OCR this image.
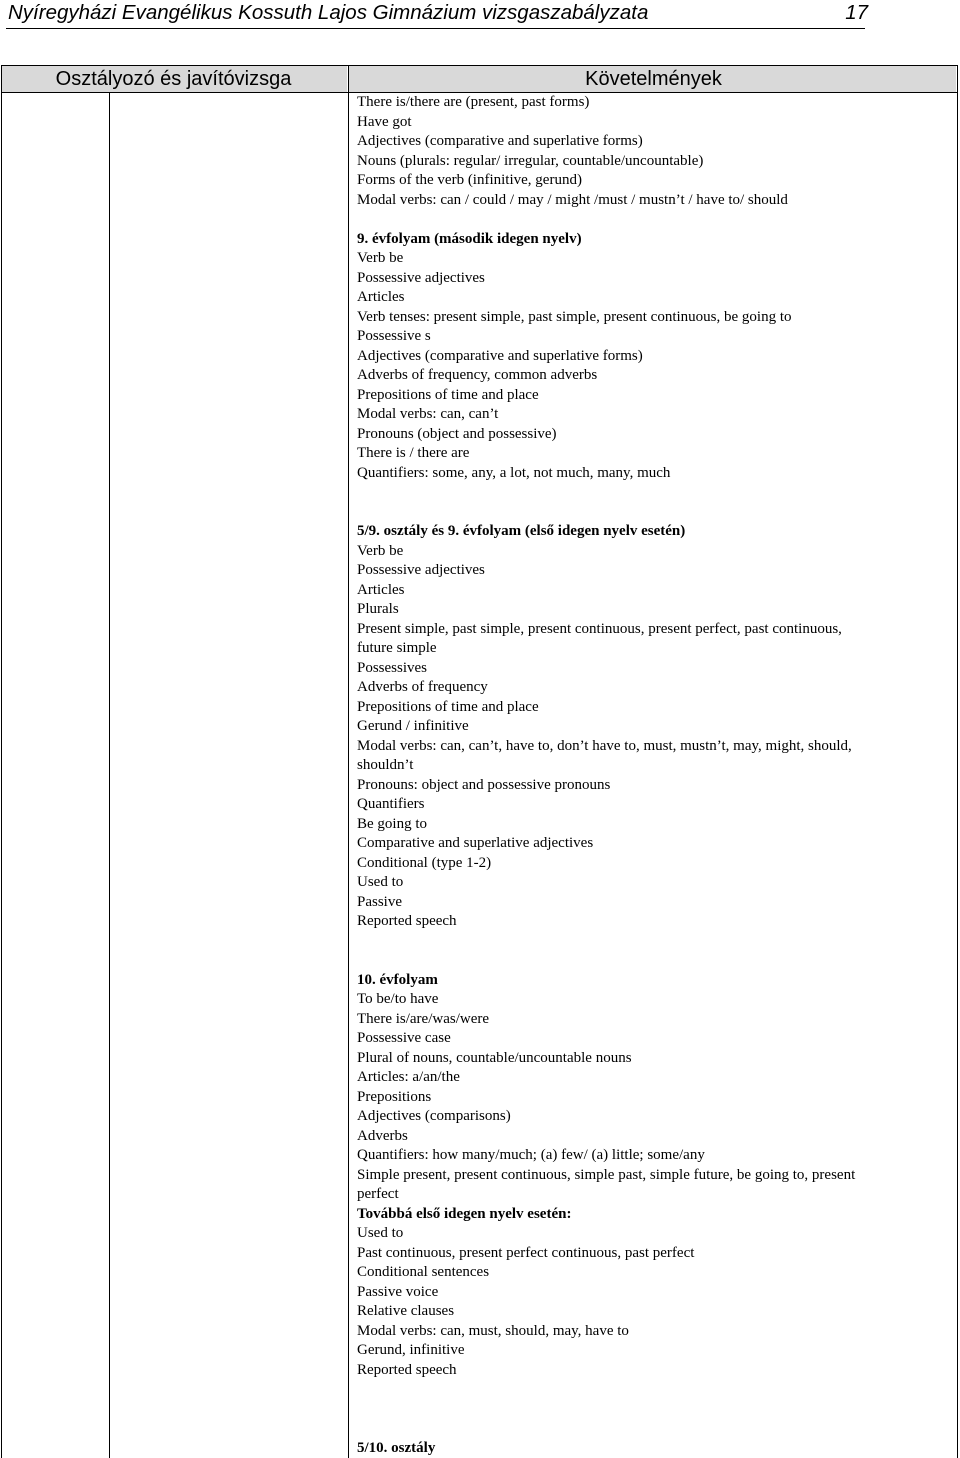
Nyíregyházi Evangélikus Kossuth Lajos Gimnázium vizsgaszabályzata	17
Osztályozó és javítóvizsga	Követelmények
There is/there are (present, past forms)
Have got
Adjectives (comparative and superlative forms)
Nouns (plurals: regular/ irregular, countable/uncountable)
Forms of the verb (infinitive, gerund)
Modal verbs: can / could / may / might /must / mustn’t / have to/ should
9. évfolyam (második idegen nyelv)
Verb be
Possessive adjectives
Articles
Verb tenses: present simple, past simple, present continuous, be going to
Possessive s
Adjectives (comparative and superlative forms)
Adverbs of frequency, common adverbs
Prepositions of time and place
Modal verbs: can, can’t
Pronouns (object and possessive)
There is / there are
Quantifiers: some, any, a lot, not much, many, much
5/9. osztály és 9. évfolyam (első idegen nyelv esetén)
Verb be
Possessive adjectives
Articles
Plurals
Present simple, past simple, present continuous, present perfect, past continuous,
future simple
Possessives
Adverbs of frequency
Prepositions of time and place
Gerund / infinitive
Modal verbs: can, can’t, have to, don’t have to, must, mustn’t, may, might, should,
shouldn’t
Pronouns: object and possessive pronouns
Quantifiers
Be going to
Comparative and superlative adjectives
Conditional (type 1-2)
Used to
Passive
Reported speech
10. évfolyam
To be/to have
There is/are/was/were
Possessive case
Plural of nouns, countable/uncountable nouns
Articles: a/an/the
Prepositions
Adjectives (comparisons)
Adverbs
Quantifiers: how many/much; (a) few/ (a) little; some/any
Simple present, present continuous, simple past, simple future, be going to, present
perfect
Továbbá első idegen nyelv esetén:
Used to
Past continuous, present perfect continuous, past perfect
Conditional sentences
Passive voice
Relative clauses
Modal verbs: can, must, should, may, have to
Gerund, infinitive
Reported speech
5/10. osztály
